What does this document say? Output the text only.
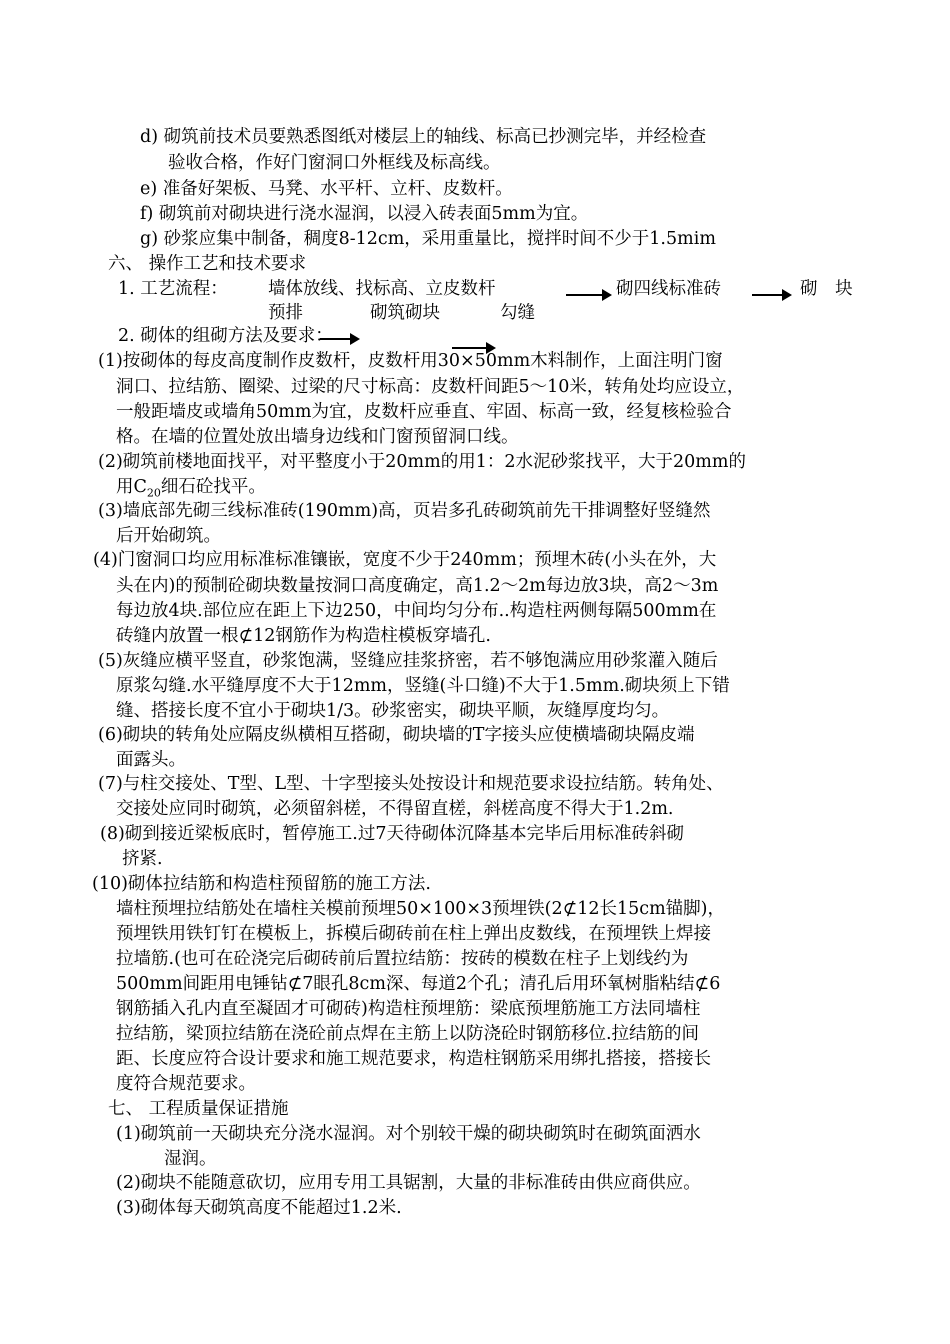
d) 砌筑前技术员要熟悉图纸对楼层上的轴线、标高已抄测完毕，并经检查
验收合格，作好门窗洞口外框线及标高线。
e) 准备好架板、马凳、水平杆、立杆、皮数杆。
f) 砌筑前对砌块进行浇水湿润，以浸入砖表面5mm为宜。
g) 砂浆应集中制备，稠度8-12cm，采用重量比，搅拌时间不少于1.5mim
六、 操作工艺和技术要求
1. 工艺流程： 墙体放线、找标高、立皮数杆	砌四线标准砖	砌 块
预排	砌筑砌块	勾缝
2. 砌体的组砌方法及要求：
(1)按砌体的每皮高度制作皮数杆，皮数杆用30×50mm木料制作，上面注明门窗
洞口、拉结筋、圈梁、过梁的尺寸标高：皮数杆间距5～10米，转角处均应设立，
一般距墙皮或墙角50mm为宜，皮数杆应垂直、牢固、标高一致，经复核检验合
格。在墙的位置处放出墙身边线和门窗预留洞口线。
(2)砌筑前楼地面找平，对平整度小于20mm的用1：2水泥砂浆找平，大于20mm的
用$C_{20}$细石砼找平。
(3)墙底部先砌三线标准砖(190mm)高，页岩多孔砖砌筑前先干排调整好竖缝然
后开始砌筑。
(4)门窗洞口均应用标准标准镶嵌，宽度不少于240mm；预埋木砖(小头在外，大
头在内)的预制砼砌块数量按洞口高度确定，高1.2～2m每边放3块，高2～3m
每边放4块.部位应在距上下边250，中间均匀分布..构造柱两侧每隔500mm在
砖缝内放置一根⊄12钢筋作为构造柱模板穿墙孔.
(5)灰缝应横平竖直，砂浆饱满，竖缝应挂浆挤密，若不够饱满应用砂浆灌入随后
原浆勾缝.水平缝厚度不大于12mm，竖缝(斗口缝)不大于1.5mm.砌块须上下错
缝、搭接长度不宜小于砌块1/3。砂浆密实，砌块平顺，灰缝厚度均匀。
(6)砌块的转角处应隔皮纵横相互搭砌，砌块墙的T字接头应使横墙砌块隔皮端
面露头。
(7)与柱交接处、T型、L型、十字型接头处按设计和规范要求设拉结筋。转角处、
交接处应同时砌筑，必须留斜槎，不得留直槎，斜槎高度不得大于1.2m.
(8)砌到接近梁板底时，暂停施工.过7天待砌体沉降基本完毕后用标准砖斜砌
挤紧.
(10)砌体拉结筋和构造柱预留筋的施工方法.
墙柱预埋拉结筋处在墙柱关模前预埋50×100×3预埋铁(2⊄12长15cm锚脚)，
预埋铁用铁钉钉在模板上，拆模后砌砖前在柱上弹出皮数线，在预埋铁上焊接
拉墙筋.(也可在砼浇完后砌砖前后置拉结筋：按砖的模数在柱子上划线约为
500mm间距用电锤钻⊄7眼孔8cm深、每道2个孔；清孔后用环氧树脂粘结⊄6
钢筋插入孔内直至凝固才可砌砖)构造柱预埋筋：梁底预埋筋施工方法同墙柱
拉结筋，梁顶拉结筋在浇砼前点焊在主筋上以防浇砼时钢筋移位.拉结筋的间
距、长度应符合设计要求和施工规范要求，构造柱钢筋采用绑扎搭接，搭接长
度符合规范要求。
七、 工程质量保证措施
(1)砌筑前一天砌块充分浇水湿润。对个别较干燥的砌块砌筑时在砌筑面洒水
湿润。
(2)砌块不能随意砍切，应用专用工具锯割，大量的非标准砖由供应商供应。
(3)砌体每天砌筑高度不能超过1.2米.
